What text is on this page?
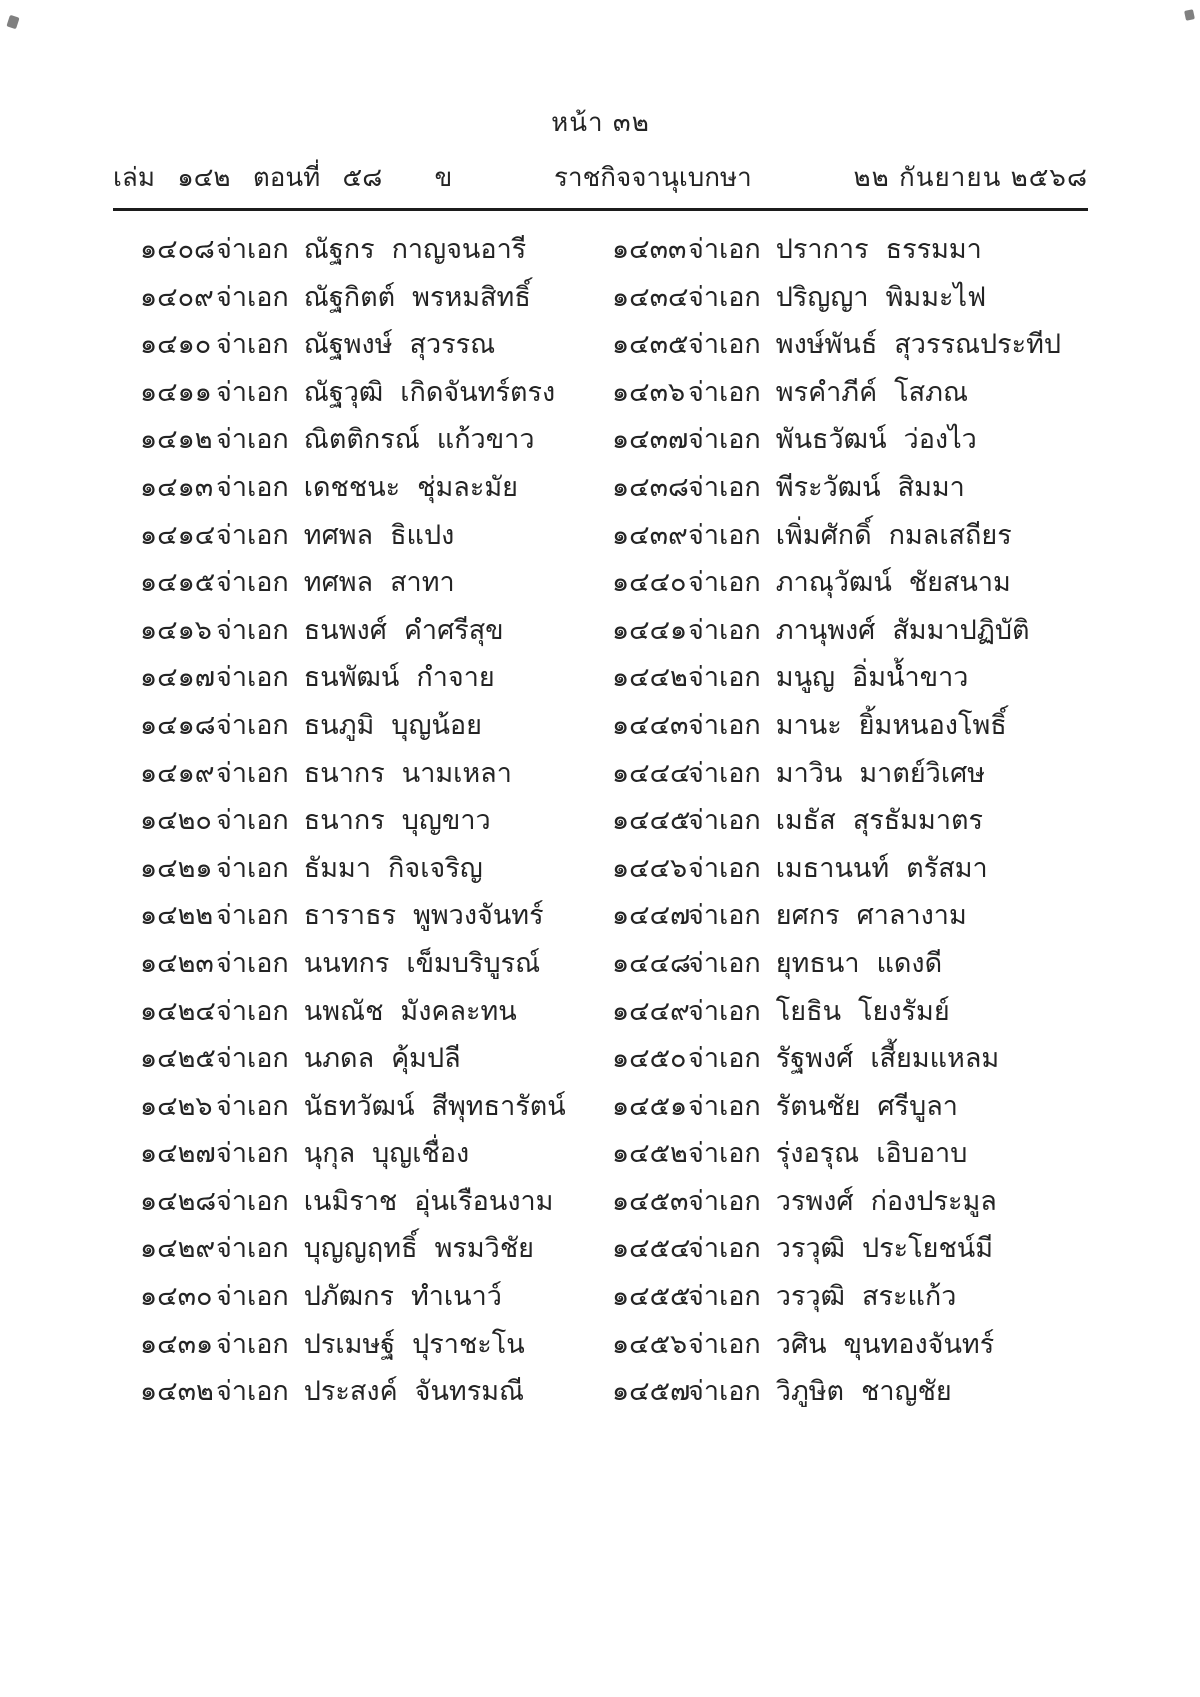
หน้า ๓๒
เล่ม ๑๔๒ ตอนที่ ๕๘ ข	ราชกิจจานุเบกษา	๒๒ กันยายน ๒๕๖๘
๑๔๐๘ จ่าเอก ณัฐกร กาญจนอารี
๑๔๐๙ จ่าเอก ณัฐกิตต์ พรหมสิทธิ์
๑๔๑๐ จ่าเอก ณัฐพงษ์ สุวรรณ
๑๔๑๑ จ่าเอก ณัฐวุฒิ เกิดจันทร์ตรง
๑๔๑๒ จ่าเอก ณิตติกรณ์ แก้วขาว
๑๔๑๓ จ่าเอก เดชชนะ ชุ่มละมัย
๑๔๑๔ จ่าเอก ทศพล ธิแปง
๑๔๑๕ จ่าเอก ทศพล สาทา
๑๔๑๖ จ่าเอก ธนพงศ์ คำศรีสุข
๑๔๑๗ จ่าเอก ธนพัฒน์ กำจาย
๑๔๑๘ จ่าเอก ธนภูมิ บุญน้อย
๑๔๑๙ จ่าเอก ธนากร นามเหลา
๑๔๒๐ จ่าเอก ธนากร บุญขาว
๑๔๒๑ จ่าเอก ธัมมา กิจเจริญ
๑๔๒๒ จ่าเอก ธาราธร พูพวงจันทร์
๑๔๒๓ จ่าเอก นนทกร เข็มบริบูรณ์
๑๔๒๔ จ่าเอก นพณัช มังคละทน
๑๔๒๕ จ่าเอก นภดล คุ้มปลี
๑๔๒๖ จ่าเอก นัธทวัฒน์ สีพุทธารัตน์
๑๔๒๗ จ่าเอก นุกุล บุญเชื่อง
๑๔๒๘ จ่าเอก เนมิราช อุ่นเรือนงาม
๑๔๒๙ จ่าเอก บุญญฤทธิ์ พรมวิชัย
๑๔๓๐ จ่าเอก ปภัฒกร ทำเนาว์
๑๔๓๑ จ่าเอก ปรเมษฐ์ ปุราชะโน
๑๔๓๒ จ่าเอก ประสงค์ จันทรมณี
๑๔๓๓ จ่าเอก ปราการ ธรรมมา
๑๔๓๔ จ่าเอก ปริญญา พิมมะไฟ
๑๔๓๕ จ่าเอก พงษ์พันธ์ สุวรรณประทีป
๑๔๓๖ จ่าเอก พรคำภีค์ โสภณ
๑๔๓๗ จ่าเอก พันธวัฒน์ ว่องไว
๑๔๓๘ จ่าเอก พีระวัฒน์ สิมมา
๑๔๓๙ จ่าเอก เพิ่มศักดิ์ กมลเสถียร
๑๔๔๐ จ่าเอก ภาณุวัฒน์ ชัยสนาม
๑๔๔๑ จ่าเอก ภานุพงศ์ สัมมาปฏิบัติ
๑๔๔๒ จ่าเอก มนูญ อิ่มน้ำขาว
๑๔๔๓ จ่าเอก มานะ ยิ้มหนองโพธิ์
๑๔๔๔
จ่าเอก มาวิน มาตย์วิเศษ
๑๔๔๕
จ่าเอก เมธัส สุรธัมมาตร
๑๔๔๖ จ่าเอก เมธานนท์ ตรัสมา
๑๔๔๗
จ่าเอก ยศกร ศาลางาม
๑๔๔๘
จ่าเอก ยุทธนา แดงดี
๑๔๔๙
จ่าเอก โยธิน โยงรัมย์
๑๔๕๐ จ่าเอก รัฐพงศ์ เสี้ยมแหลม
๑๔๕๑ จ่าเอก รัตนชัย ศรีบูลา
๑๔๕๒ จ่าเอก รุ่งอรุณ เอิบอาบ
๑๔๕๓ จ่าเอก วรพงศ์ ก่องประมูล
๑๔๕๔
จ่าเอก วรวุฒิ ประโยชน์มี
๑๔๕๕
จ่าเอก วรวุฒิ สระแก้ว
๑๔๕๖ จ่าเอก วศิน ขุนทองจันทร์
๑๔๕๗
จ่าเอก วิภูษิต ชาญชัย
